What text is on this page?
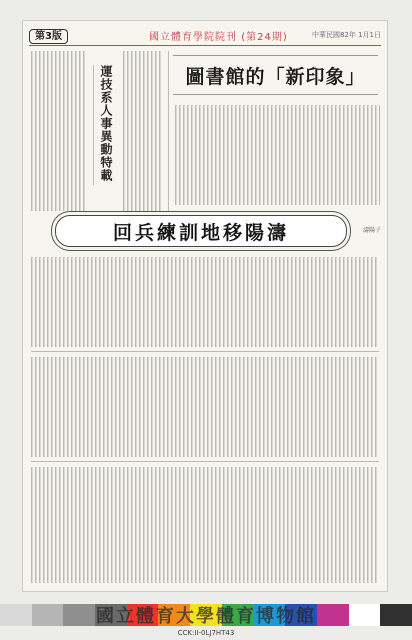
第3版	國立體育學院院刊 (第24期)	中華民國82年 1月1日
圖書館的「新印象」
運技系人事異動特載
回兵練訓地移陽濤	濤陽子
國立體育大學體育博物館
CCK:II-0LJ7HT43
